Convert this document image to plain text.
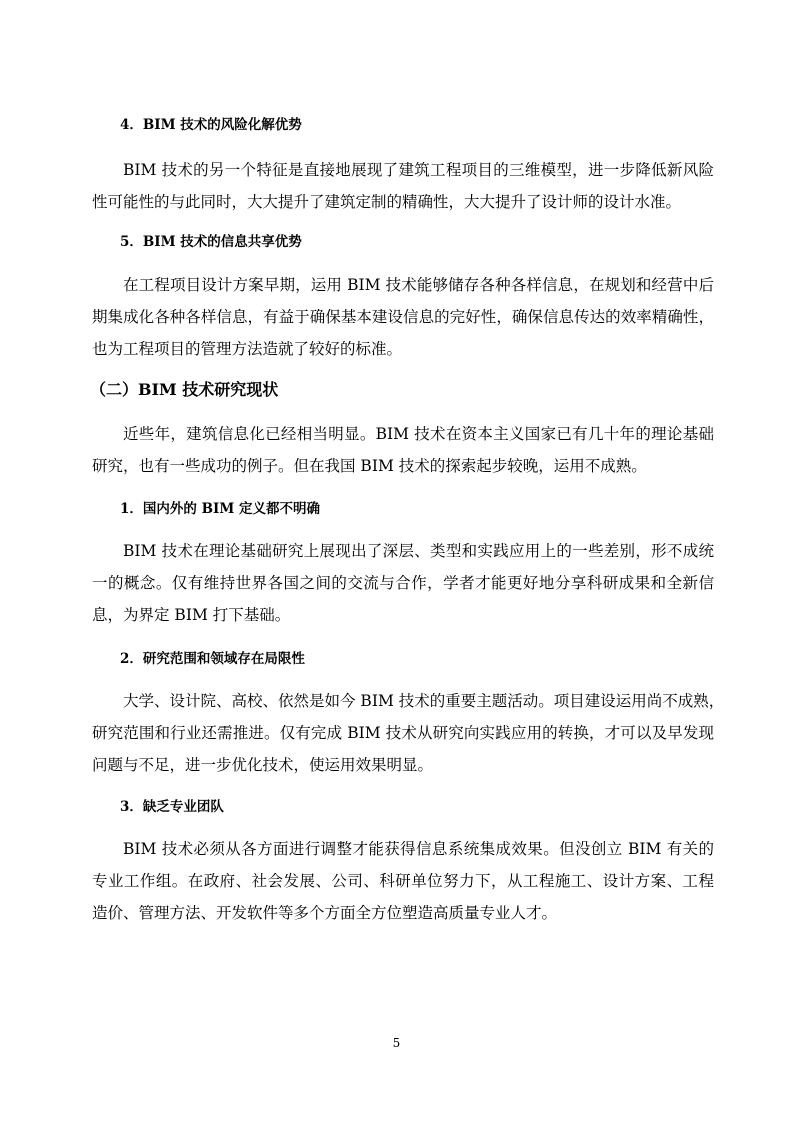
4．BIM 技术的风险化解优势
BIM 技术的另一个特征是直接地展现了建筑工程项目的三维模型，进一步降低新风险
性可能性的与此同时，大大提升了建筑定制的精确性，大大提升了设计师的设计水准。
5．BIM 技术的信息共享优势
在工程项目设计方案早期，运用 BIM 技术能够储存各种各样信息，在规划和经营中后
期集成化各种各样信息，有益于确保基本建设信息的完好性，确保信息传达的效率精确性，
也为工程项目的管理方法造就了较好的标准。
（二）BIM 技术研究现状
近些年，建筑信息化已经相当明显。BIM 技术在资本主义国家已有几十年的理论基础
研究，也有一些成功的例子。但在我国 BIM 技术的探索起步较晚，运用不成熟。
1．国内外的 BIM 定义都不明确
BIM 技术在理论基础研究上展现出了深层、类型和实践应用上的一些差别，形不成统
一的概念。仅有维持世界各国之间的交流与合作，学者才能更好地分享科研成果和全新信
息，为界定 BIM 打下基础。
2．研究范围和领域存在局限性
大学、设计院、高校、依然是如今 BIM 技术的重要主题活动。项目建设运用尚不成熟，
研究范围和行业还需推进。仅有完成 BIM 技术从研究向实践应用的转换，才可以及早发现
问题与不足，进一步优化技术，使运用效果明显。
3．缺乏专业团队
BIM 技术必须从各方面进行调整才能获得信息系统集成效果。但没创立 BIM 有关的
专业工作组。在政府、社会发展、公司、科研单位努力下，从工程施工、设计方案、工程
造价、管理方法、开发软件等多个方面全方位塑造高质量专业人才。
5
